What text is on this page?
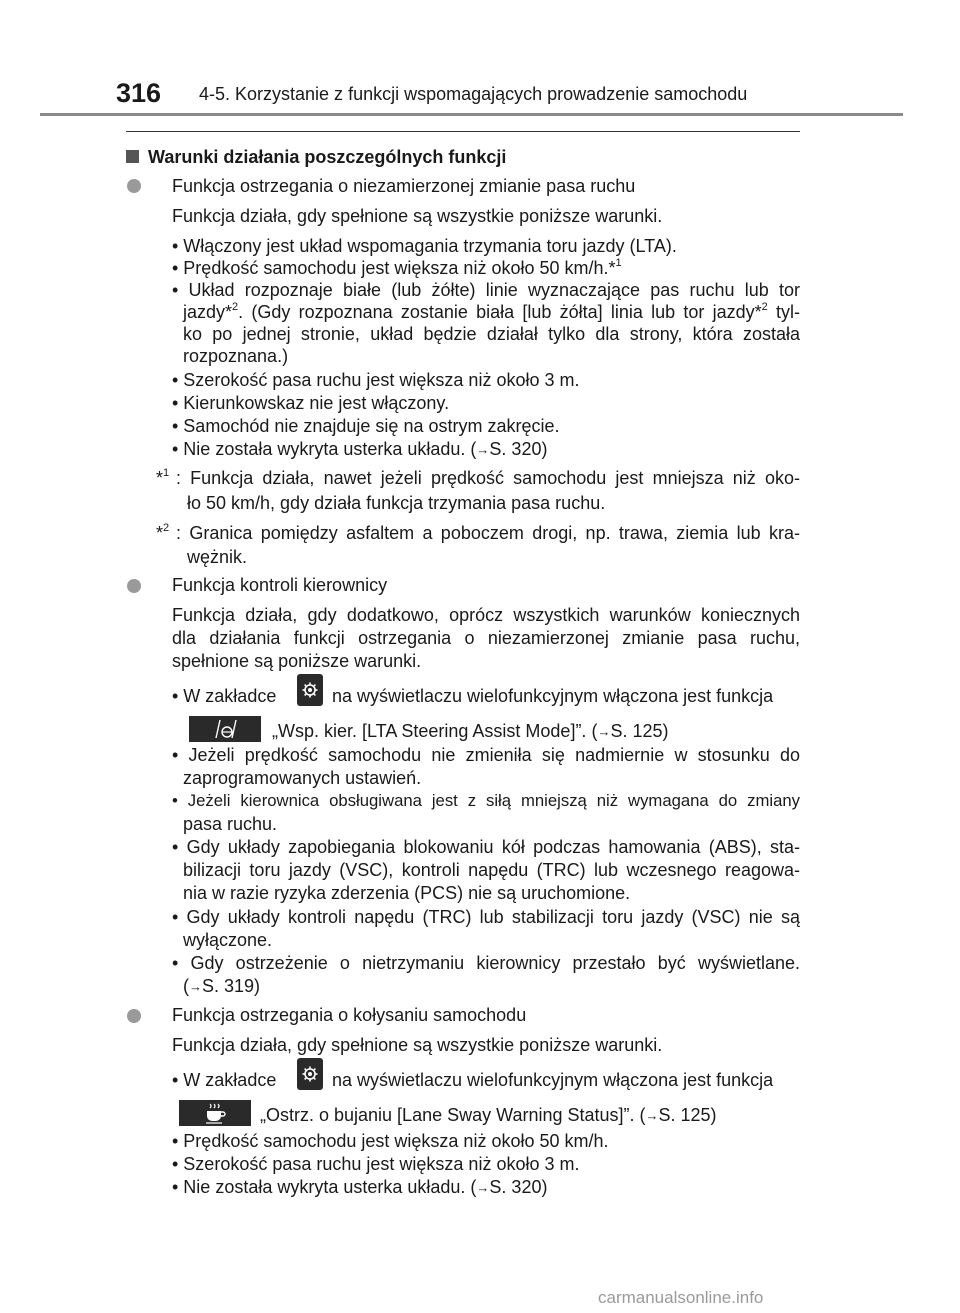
316 4-5. Korzystanie z funkcji wspomagających prowadzenie samochodu
Warunki działania poszczególnych funkcji
Funkcja ostrzegania o niezamierzonej zmianie pasa ruchu
Funkcja działa, gdy spełnione są wszystkie poniższe warunki.
• Włączony jest układ wspomagania trzymania toru jazdy (LTA).
• Prędkość samochodu jest większa niż około 50 km/h.*$^1$
• Układ rozpoznaje białe (lub żółte) linie wyznaczające pas ruchu lub tor
jazdy*$^2$. (Gdy rozpoznana zostanie biała [lub żółta] linia lub tor jazdy*$^2$ tyl-
ko po jednej stronie, układ będzie działał tylko dla strony, która została
rozpoznana.)
• Szerokość pasa ruchu jest większa niż około 3 m.
• Kierunkowskaz nie jest włączony.
• Samochód nie znajduje się na ostrym zakręcie.
• Nie została wykryta usterka układu. (→S. 320)
*$^1$ : Funkcja działa, nawet jeżeli prędkość samochodu jest mniejsza niż oko-
ło 50 km/h, gdy działa funkcja trzymania pasa ruchu.
*$^2$ : Granica pomiędzy asfaltem a poboczem drogi, np. trawa, ziemia lub kra-
wężnik.
Funkcja kontroli kierownicy
Funkcja działa, gdy dodatkowo, oprócz wszystkich warunków koniecznych
dla działania funkcji ostrzegania o niezamierzonej zmianie pasa ruchu,
spełnione są poniższe warunki.
• W zakładce	na wyświetlaczu wielofunkcyjnym włączona jest funkcja
„Wsp. kier. [LTA Steering Assist Mode]”. (→S. 125)
• Jeżeli prędkość samochodu nie zmieniła się nadmiernie w stosunku do
zaprogramowanych ustawień.
• Jeżeli kierownica obsługiwana jest z siłą mniejszą niż wymagana do zmiany
pasa ruchu.
• Gdy układy zapobiegania blokowaniu kół podczas hamowania (ABS), sta-
bilizacji toru jazdy (VSC), kontroli napędu (TRC) lub wczesnego reagowa-
nia w razie ryzyka zderzenia (PCS) nie są uruchomione.
• Gdy układy kontroli napędu (TRC) lub stabilizacji toru jazdy (VSC) nie są
wyłączone.
• Gdy ostrzeżenie o nietrzymaniu kierownicy przestało być wyświetlane.
(→S. 319)
Funkcja ostrzegania o kołysaniu samochodu
Funkcja działa, gdy spełnione są wszystkie poniższe warunki.
• W zakładce	na wyświetlaczu wielofunkcyjnym włączona jest funkcja
„Ostrz. o bujaniu [Lane Sway Warning Status]”. (→S. 125)
• Prędkość samochodu jest większa niż około 50 km/h.
• Szerokość pasa ruchu jest większa niż około 3 m.
• Nie została wykryta usterka układu. (→S. 320)
carmanualsonline.info
